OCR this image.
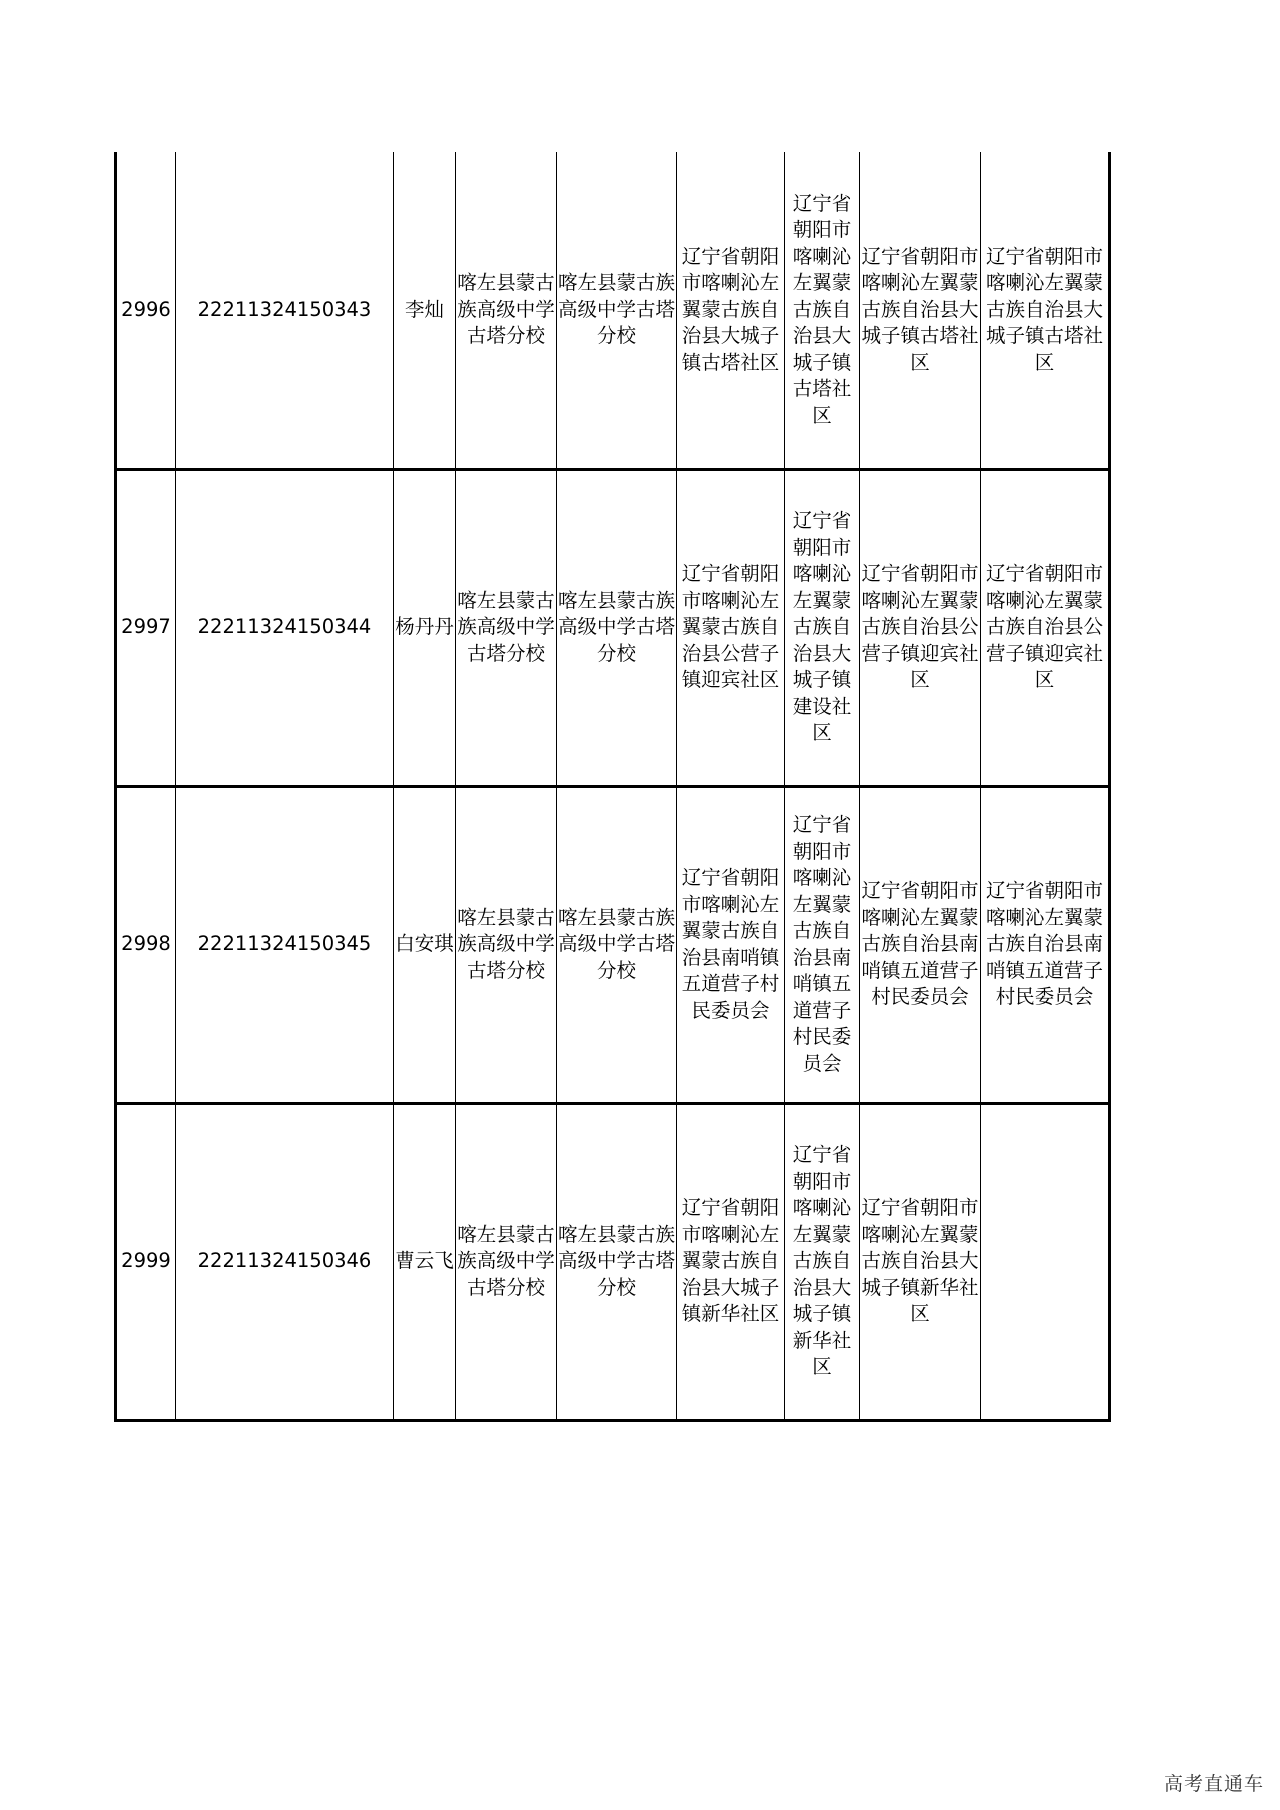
2996	22211324150343	李灿	喀左县蒙古族高级中学古塔分校	喀左县蒙古族高级中学古塔分校	辽宁省朝阳市喀喇沁左翼蒙古族自治县大城子镇古塔社区	辽宁省朝阳市喀喇沁左翼蒙古族自治县大城子镇古塔社区	辽宁省朝阳市喀喇沁左翼蒙古族自治县大城子镇古塔社区	辽宁省朝阳市喀喇沁左翼蒙古族自治县大城子镇古塔社区
2997	22211324150344	杨丹丹	喀左县蒙古族高级中学古塔分校	喀左县蒙古族高级中学古塔分校	辽宁省朝阳市喀喇沁左翼蒙古族自治县公营子镇迎宾社区	辽宁省朝阳市喀喇沁左翼蒙古族自治县大城子镇建设社区	辽宁省朝阳市喀喇沁左翼蒙古族自治县公营子镇迎宾社区	辽宁省朝阳市喀喇沁左翼蒙古族自治县公营子镇迎宾社区
2998	22211324150345	白安琪	喀左县蒙古族高级中学古塔分校	喀左县蒙古族高级中学古塔分校	辽宁省朝阳市喀喇沁左翼蒙古族自治县南哨镇五道营子村民委员会	辽宁省朝阳市喀喇沁左翼蒙古族自治县南哨镇五道营子村民委员会	辽宁省朝阳市喀喇沁左翼蒙古族自治县南哨镇五道营子村民委员会	辽宁省朝阳市喀喇沁左翼蒙古族自治县南哨镇五道营子村民委员会
2999	22211324150346	曹云飞	喀左县蒙古族高级中学古塔分校	喀左县蒙古族高级中学古塔分校	辽宁省朝阳市喀喇沁左翼蒙古族自治县大城子镇新华社区	辽宁省朝阳市喀喇沁左翼蒙古族自治县大城子镇新华社区	辽宁省朝阳市喀喇沁左翼蒙古族自治县大城子镇新华社区	
高考直通车
